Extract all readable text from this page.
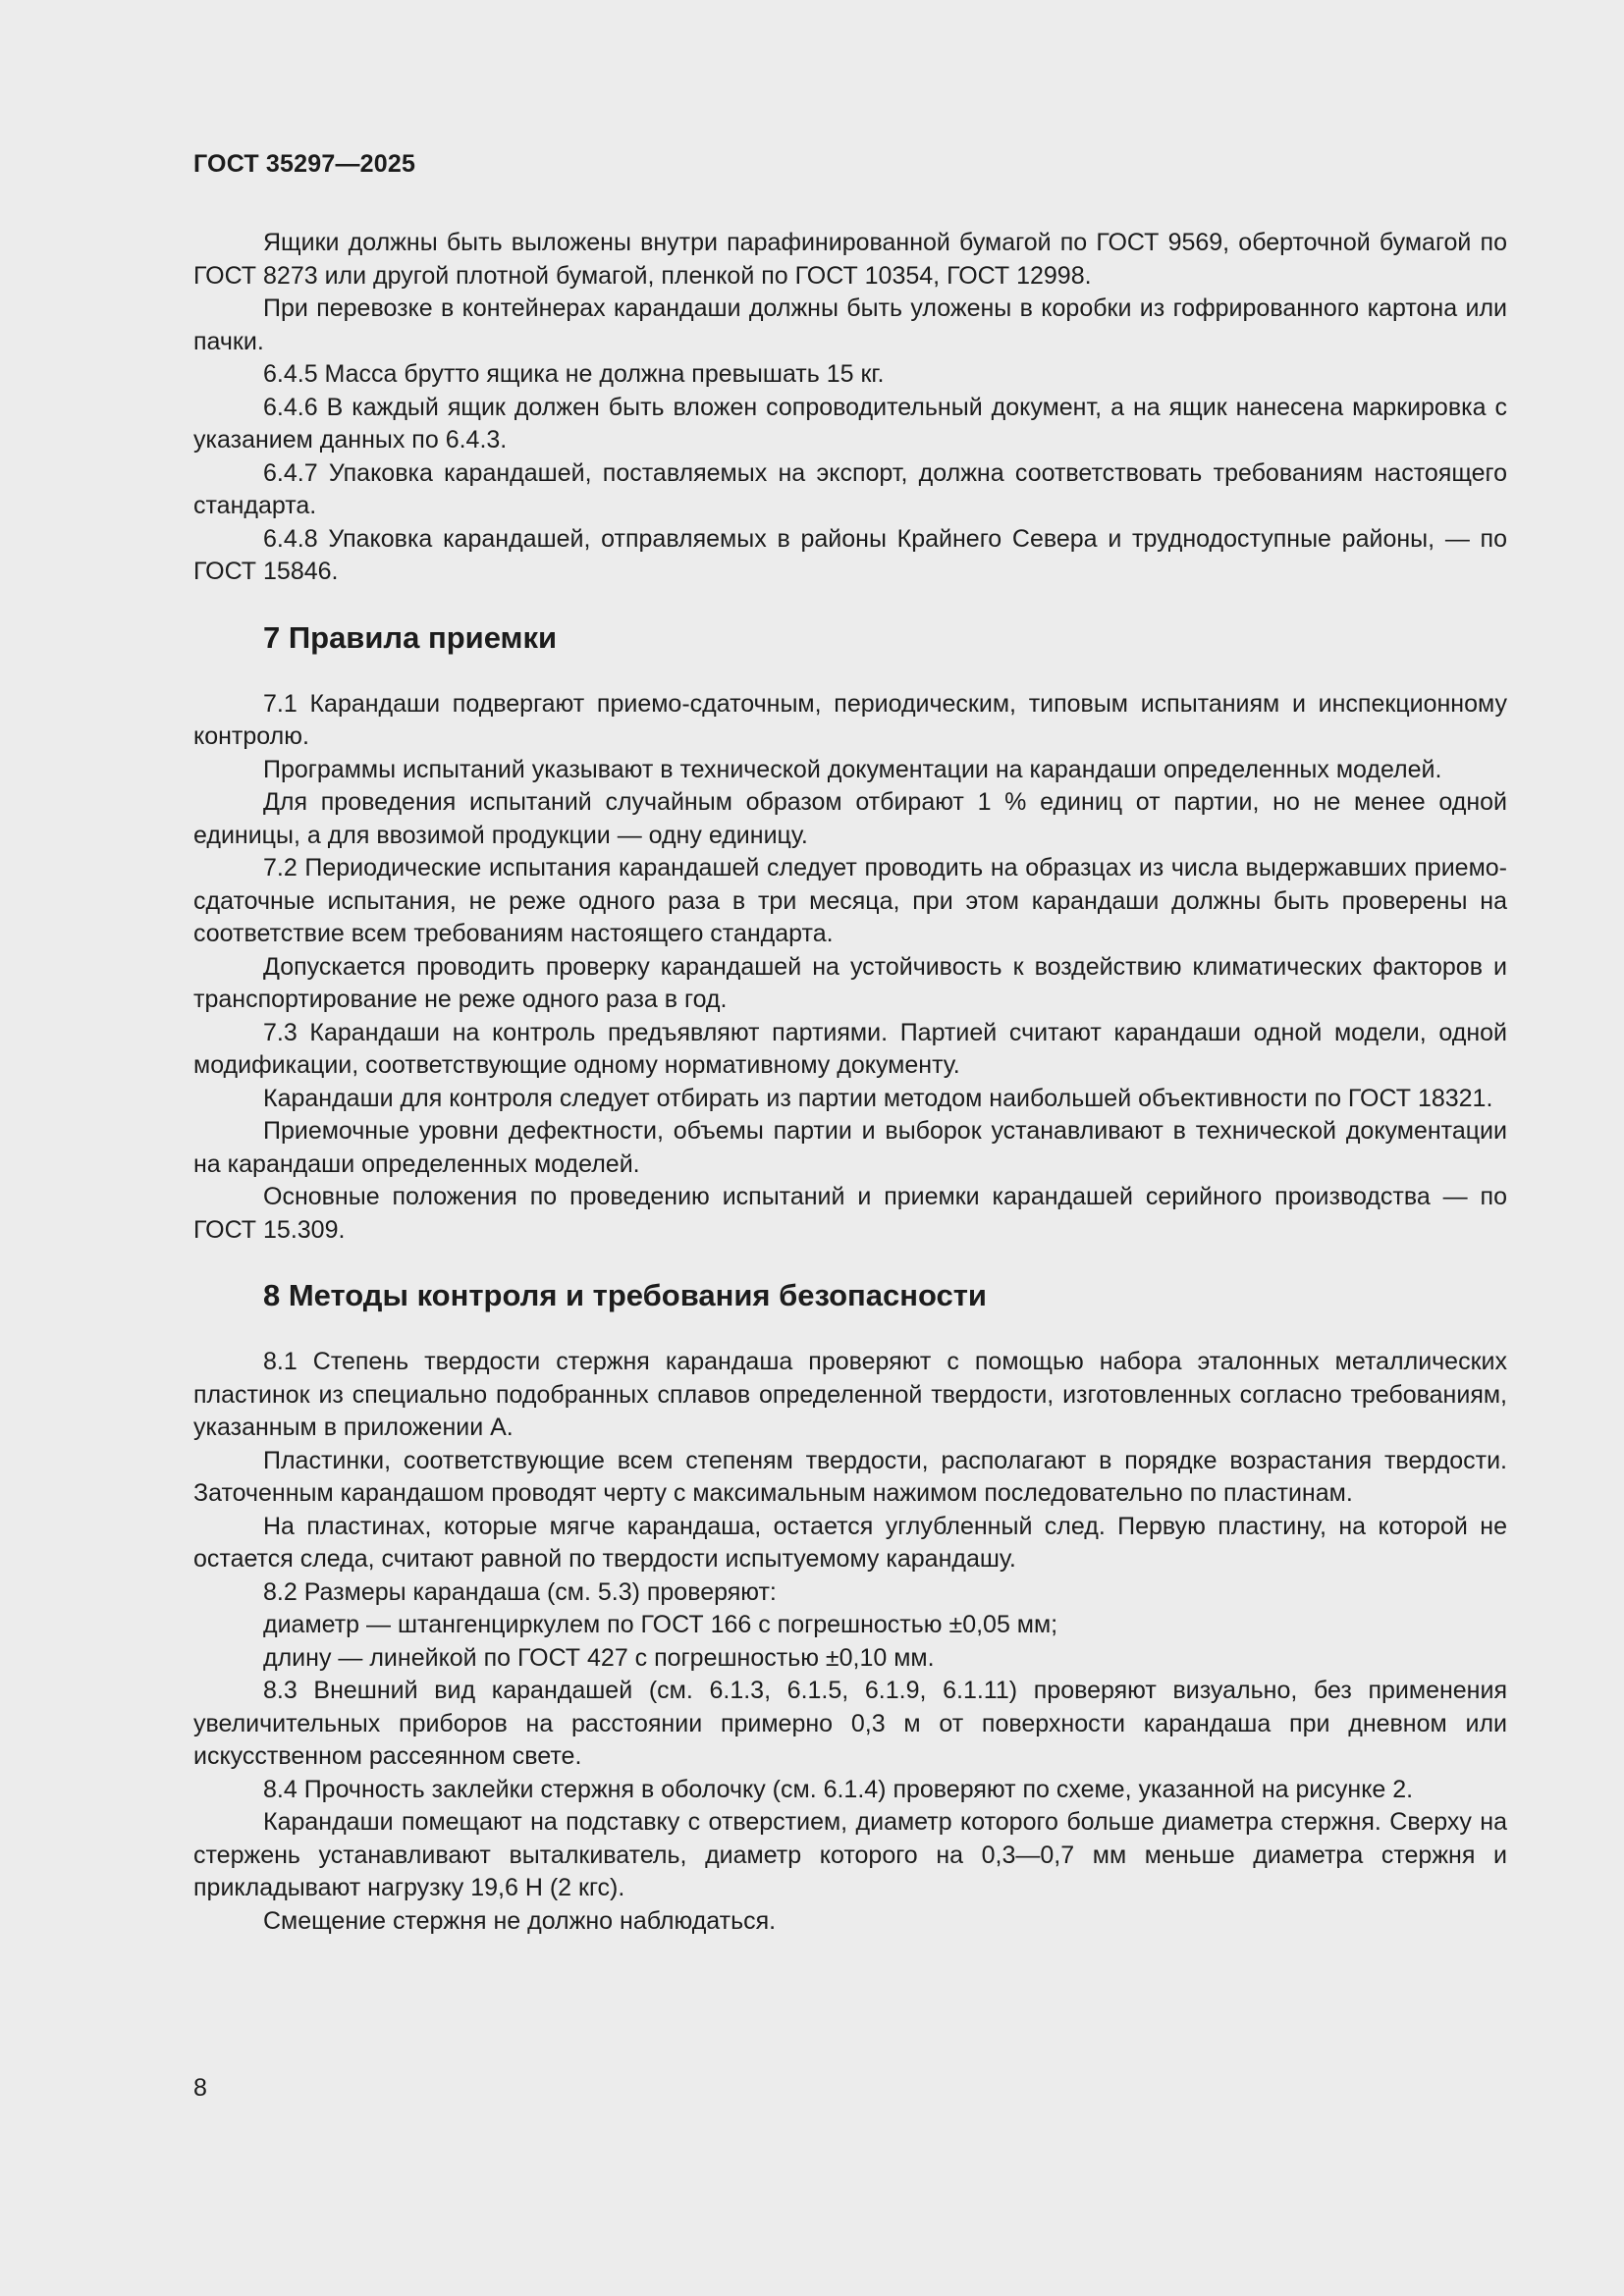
ГОСТ 35297—2025

Ящики должны быть выложены внутри парафинированной бумагой по ГОСТ 9569, оберточной бумагой по ГОСТ 8273 или другой плотной бумагой, пленкой по ГОСТ 10354, ГОСТ 12998.

При перевозке в контейнерах карандаши должны быть уложены в коробки из гофрированного картона или пачки.

6.4.5 Масса брутто ящика не должна превышать 15 кг.

6.4.6 В каждый ящик должен быть вложен сопроводительный документ, а на ящик нанесена маркировка с указанием данных по 6.4.3.

6.4.7 Упаковка карандашей, поставляемых на экспорт, должна соответствовать требованиям настоящего стандарта.

6.4.8 Упаковка карандашей, отправляемых в районы Крайнего Севера и труднодоступные районы, — по ГОСТ 15846.

7 Правила приемки

7.1 Карандаши подвергают приемо-сдаточным, периодическим, типовым испытаниям и инспекционному контролю.

Программы испытаний указывают в технической документации на карандаши определенных моделей.

Для проведения испытаний случайным образом отбирают 1 % единиц от партии, но не менее одной единицы, а для ввозимой продукции — одну единицу.

7.2 Периодические испытания карандашей следует проводить на образцах из числа выдержавших приемо-сдаточные испытания, не реже одного раза в три месяца, при этом карандаши должны быть проверены на соответствие всем требованиям настоящего стандарта.

Допускается проводить проверку карандашей на устойчивость к воздействию климатических факторов и транспортирование не реже одного раза в год.

7.3 Карандаши на контроль предъявляют партиями. Партией считают карандаши одной модели, одной модификации, соответствующие одному нормативному документу.

Карандаши для контроля следует отбирать из партии методом наибольшей объективности по ГОСТ 18321.

Приемочные уровни дефектности, объемы партии и выборок устанавливают в технической документации на карандаши определенных моделей.

Основные положения по проведению испытаний и приемки карандашей серийного производства — по ГОСТ 15.309.

8 Методы контроля и требования безопасности

8.1 Степень твердости стержня карандаша проверяют с помощью набора эталонных металлических пластинок из специально подобранных сплавов определенной твердости, изготовленных согласно требованиям, указанным в приложении А.

Пластинки, соответствующие всем степеням твердости, располагают в порядке возрастания твердости. Заточенным карандашом проводят черту с максимальным нажимом последовательно по пластинам.

На пластинах, которые мягче карандаша, остается углубленный след. Первую пластину, на которой не остается следа, считают равной по твердости испытуемому карандашу.

8.2 Размеры карандаша (см. 5.3) проверяют:

диаметр — штангенциркулем по ГОСТ 166 с погрешностью ±0,05 мм;

длину — линейкой по ГОСТ 427 с погрешностью ±0,10 мм.

8.3 Внешний вид карандашей (см. 6.1.3, 6.1.5, 6.1.9, 6.1.11) проверяют визуально, без применения увеличительных приборов на расстоянии примерно 0,3 м от поверхности карандаша при дневном или искусственном рассеянном свете.

8.4 Прочность заклейки стержня в оболочку (см. 6.1.4) проверяют по схеме, указанной на рисунке 2.

Карандаши помещают на подставку с отверстием, диаметр которого больше диаметра стержня. Сверху на стержень устанавливают выталкиватель, диаметр которого на 0,3—0,7 мм меньше диаметра стержня и прикладывают нагрузку 19,6 Н (2 кгс).

Смещение стержня не должно наблюдаться.

8
